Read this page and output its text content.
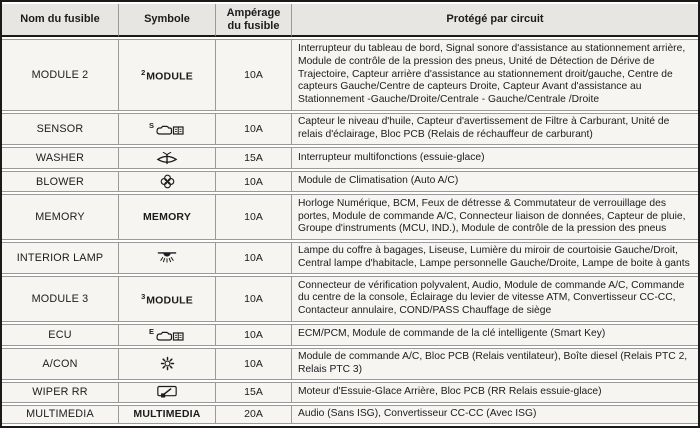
Nom du fusible	Symbole	Ampérage du fusible	Protégé par circuit
MODULE 2	$^2$MODULE	10A	Interrupteur du tableau de bord, Signal sonore d'assistance au stationnement arrière, Module de contrôle de la pression des pneus, Unité de Détection de Dérive de Trajectoire, Capteur arrière d'assistance au stationnement droit/gauche, Centre de capteurs Gauche/Centre de capteurs Droite, Capteur Avant d'assistance au Stationnement -Gauche/Droite/Centrale - Gauche/Centrale /Droite
SENSOR	$^S$	10A	Capteur le niveau d'huile, Capteur d'avertissement de Filtre à Carburant, Unité de relais d'éclairage, Bloc PCB (Relais de réchauffeur de carburant)
WASHER		15A	Interrupteur multifonctions (essuie-glace)
BLOWER		10A	Module de Climatisation (Auto A/C)
MEMORY	MEMORY	10A	Horloge Numérique, BCM, Feux de détresse & Commutateur de verrouillage des portes, Module de commande A/C, Connecteur liaison de données, Capteur de pluie, Groupe d'instruments (MCU, IND.), Module de contrôle de la pression des pneus
INTERIOR LAMP		10A	Lampe du coffre à bagages, Liseuse, Lumière du miroir de courtoisie Gauche/Droit, Central lampe d'habitacle, Lampe personnelle Gauche/Droite, Lampe de boite à gants
MODULE 3	$^3$MODULE	10A	Connecteur de vérification polyvalent, Audio, Module de commande A/C, Commande du centre de la console, Éclairage du levier de vitesse ATM, Convertisseur CC-CC, Contacteur annulaire, COND/PASS Chauffage de siège
ECU	$^E$	10A	ECM/PCM, Module de commande de la clé intelligente (Smart Key)
A/CON		10A	Module de commande A/C, Bloc PCB (Relais ventilateur), Boîte diesel (Relais PTC 2, Relais PTC 3)
WIPER RR		15A	Moteur d'Essuie-Glace Arrière, Bloc PCB (RR Relais essuie-glace)
MULTIMEDIA	MULTIMEDIA	20A	Audio (Sans ISG), Convertisseur CC-CC (Avec ISG)
